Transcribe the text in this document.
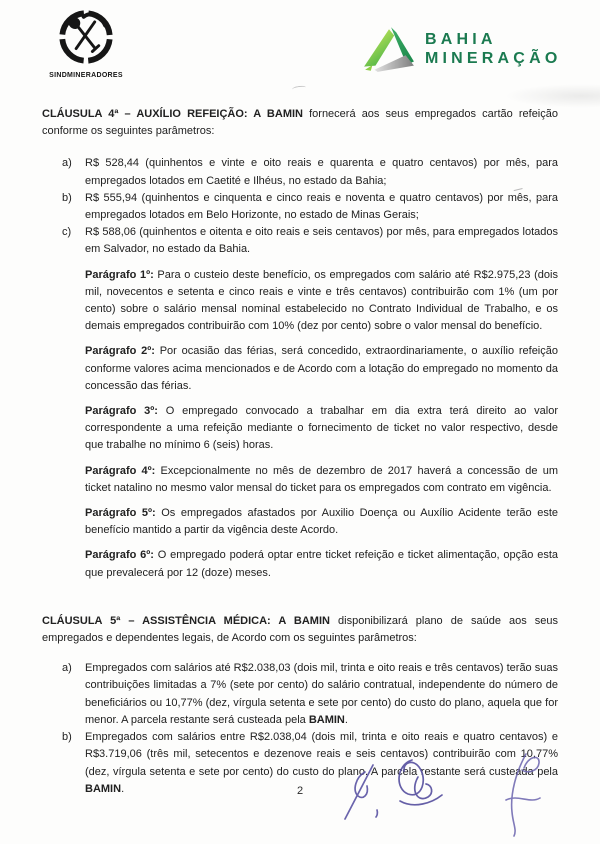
SINDMINERADORES
BAHIA
MINERAÇÃO
CLÁUSULA 4ª – AUXÍLIO REFEIÇÃO: A BAMIN fornecerá aos seus empregados cartão refeição conforme os seguintes parâmetros:
a)	R$ 528,44 (quinhentos e vinte e oito reais e quarenta e quatro centavos) por mês, para empregados lotados em Caetité e Ilhéus, no estado da Bahia;
b)	R$ 555,94 (quinhentos e cinquenta e cinco reais e noventa e quatro centavos) por mês, para empregados lotados em Belo Horizonte, no estado de Minas Gerais;
c)	R$ 588,06 (quinhentos e oitenta e oito reais e seis centavos) por mês, para empregados lotados em Salvador, no estado da Bahia.
Parágrafo 1º: Para o custeio deste benefício, os empregados com salário até R$2.975,23 (dois mil, novecentos e setenta e cinco reais e vinte e três centavos) contribuirão com 1% (um por cento) sobre o salário mensal nominal estabelecido no Contrato Individual de Trabalho, e os demais empregados contribuirão com 10% (dez por cento) sobre o valor mensal do benefício.
Parágrafo 2º: Por ocasião das férias, será concedido, extraordinariamente, o auxílio refeição conforme valores acima mencionados e de Acordo com a lotação do empregado no momento da concessão das férias.
Parágrafo 3º: O empregado convocado a trabalhar em dia extra terá direito ao valor correspondente a uma refeição mediante o fornecimento de ticket no valor respectivo, desde que trabalhe no mínimo 6 (seis) horas.
Parágrafo 4º: Excepcionalmente no mês de dezembro de 2017 haverá a concessão de um ticket natalino no mesmo valor mensal do ticket para os empregados com contrato em vigência.
Parágrafo 5º: Os empregados afastados por Auxilio Doença ou Auxílio Acidente terão este benefício mantido a partir da vigência deste Acordo.
Parágrafo 6º: O empregado poderá optar entre ticket refeição e ticket alimentação, opção esta que prevalecerá por 12 (doze) meses.
CLÁUSULA 5ª – ASSISTÊNCIA MÉDICA: A BAMIN disponibilizará plano de saúde aos seus empregados e dependentes legais, de Acordo com os seguintes parâmetros:
a)	Empregados com salários até R$2.038,03 (dois mil, trinta e oito reais e três centavos) terão suas contribuições limitadas a 7% (sete por cento) do salário contratual, independente do número de beneficiários ou 10,77% (dez, vírgula setenta e sete por cento) do custo do plano, aquela que for menor. A parcela restante será custeada pela BAMIN.
b)	Empregados com salários entre R$2.038,04 (dois mil, trinta e oito reais e quatro centavos) e R$3.719,06 (três mil, setecentos e dezenove reais e seis centavos) contribuirão com 10,77% (dez, vírgula setenta e sete por cento) do custo do plano. A parcela restante será custeada pela BAMIN.	2
